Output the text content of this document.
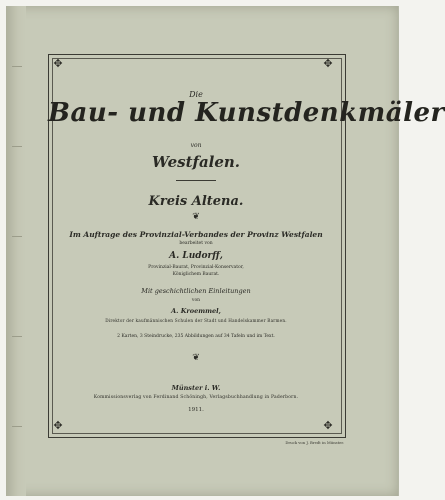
✥	✥
✥	✥
Die
Bau- und Kunstdenkmäler
von
Westfalen.
Kreis Altena.
❦
Im Auftrage des Provinzial-Verbandes der Provinz Westfalen
bearbeitet von
A. Ludorff,
Provinzial-Baurat, Provinzial-Konservator,
Königlichem Baurat.
Mit geschichtlichen Einleitungen
von
A. Kroemmel,
Direktor der kaufmännischen Schulen der Stadt und Handelskammer Barmen.
2 Karten, 3 Steindrucke, 235 Abbildungen auf 34 Tafeln und im Text.
❦
Münster i. W.
Kommissionsverlag von Ferdinand Schöningh, Verlagsbuchhandlung in Paderborn.
1911.
Druck von J. Bredt in Münster.
